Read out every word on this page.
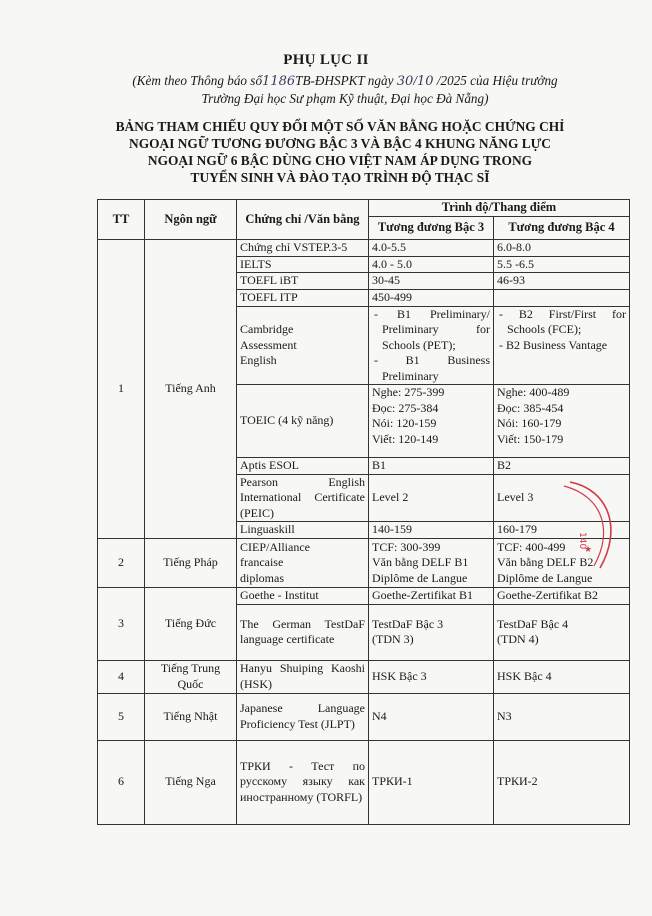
PHỤ LỤC II
(Kèm theo Thông báo số1186TB-ĐHSPKT ngày 30/10 /2025 của Hiệu trưởng
Trường Đại học Sư phạm Kỹ thuật, Đại học Đà Nẵng)
BẢNG THAM CHIẾU QUY ĐỔI MỘT SỐ VĂN BẰNG HOẶC CHỨNG CHỈ
NGOẠI NGỮ TƯƠNG ĐƯƠNG BẬC 3 VÀ BẬC 4 KHUNG NĂNG LỰC
NGOẠI NGỮ 6 BẬC DÙNG CHO VIỆT NAM ÁP DỤNG TRONG
TUYỂN SINH VÀ ĐÀO TẠO TRÌNH ĐỘ THẠC SĨ
TT	Ngôn ngữ	Chứng chỉ /Văn bằng	Trình độ/Thang điểm	
			Tương đương Bậc 3	Tương đương Bậc 4
1	Tiếng Anh	Chứng chỉ VSTEP.3-5	4.0-5.5	6.0-8.0
		IELTS	4.0 - 5.0	5.5 -6.5
		TOEFL iBT	30-45	46-93
		TOEFL ITP	450-499	

		Cambridge
Assessment
English	- B1 Preliminary/ Preliminary for Schools (PET);
- B1 Business Preliminary	- B2 First/First for Schools (FCE);
- B2 Business Vantage

		TOEIC (4 kỹ năng)	Nghe: 275-399
Đọc: 275-384
Nói: 120-159
Viết: 120-149	Nghe: 400-489
Đọc: 385-454
Nói: 160-179
Viết: 150-179

		Aptis ESOL	B1	B2
		Pearson English International Certificate (PEIC)	Level 2	Level 3
		Linguaskill	140-159	160-179
2	Tiếng Pháp	CIEP/Alliance
francaise
diplomas	TCF: 300-399
Văn bằng DELF B1
Diplôme de Langue	TCF: 400-499
Văn bằng DELF B2
Diplôme de Langue

3	Tiếng Đức	Goethe - Institut	Goethe-Zertifikat B1	Goethe-Zertifikat B2
		The German TestDaF language certificate	TestDaF Bậc 3
(TDN 3)	TestDaF Bậc 4
(TDN 4)

4	Tiếng Trung Quốc	Hanyu Shuiping Kaoshi (HSK)	HSK Bậc 3	HSK Bậc 4
5	Tiếng Nhật	Japanese Language Proficiency Test (JLPT)	N4	N3
6	Tiếng Nga	ТРКИ - Тест по русскому языку как иностранному (TORFL)	ТРКИ-1	ТРКИ-2
140
★
